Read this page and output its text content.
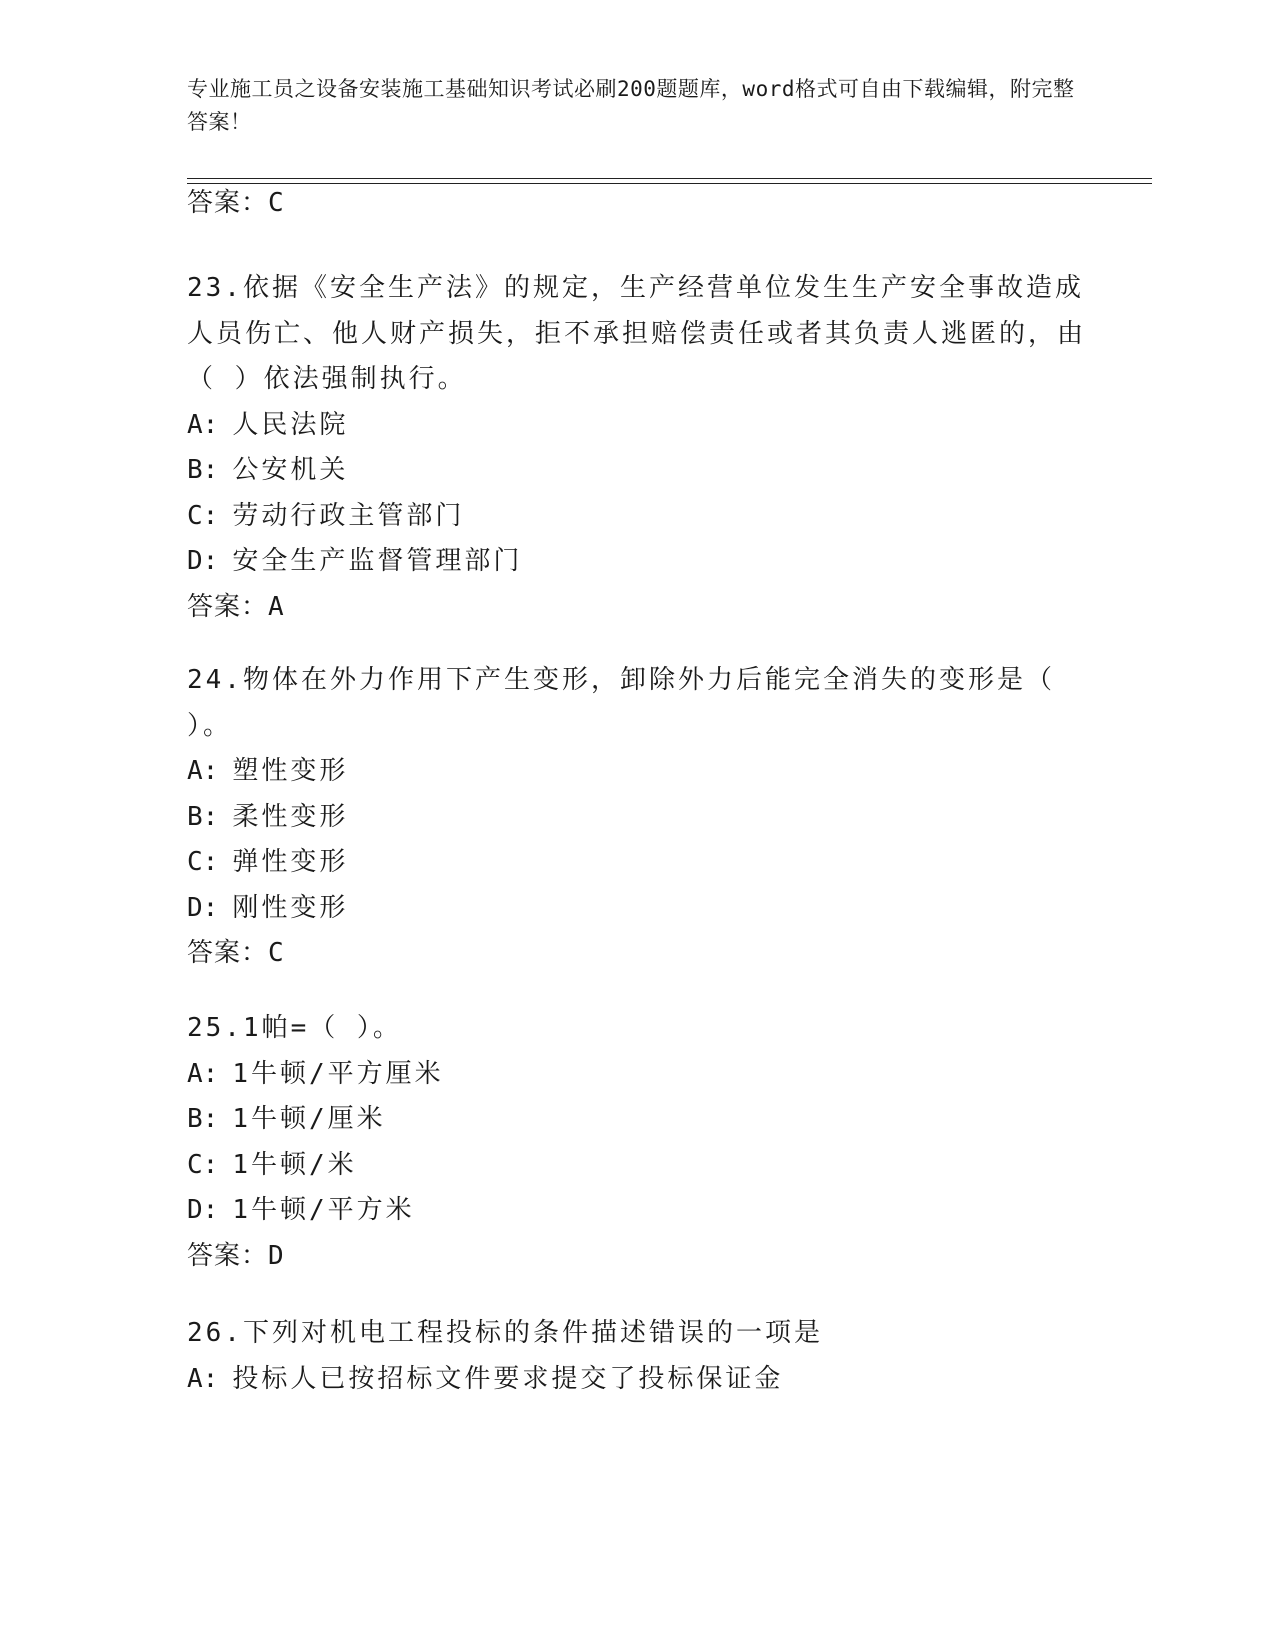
专业施工员之设备安装施工基础知识考试必刷200题题库，word格式可自由下载编辑，附完整答案！
答案：C

23.依据《安全生产法》的规定，生产经营单位发生生产安全事故造成人员伤亡、他人财产损失，拒不承担赔偿责任或者其负责人逃匿的，由（ ）依法强制执行。

A: 人民法院

B: 公安机关

C: 劳动行政主管部门

D: 安全生产监督管理部门

答案：A

24.物体在外力作用下产生变形，卸除外力后能完全消失的变形是（ ）。

A: 塑性变形

B: 柔性变形

C: 弹性变形

D: 刚性变形

答案：C

25.1帕=（ ）。

A: 1牛顿/平方厘米

B: 1牛顿/厘米

C: 1牛顿/米

D: 1牛顿/平方米

答案：D

26.下列对机电工程投标的条件描述错误的一项是

A: 投标人已按招标文件要求提交了投标保证金
